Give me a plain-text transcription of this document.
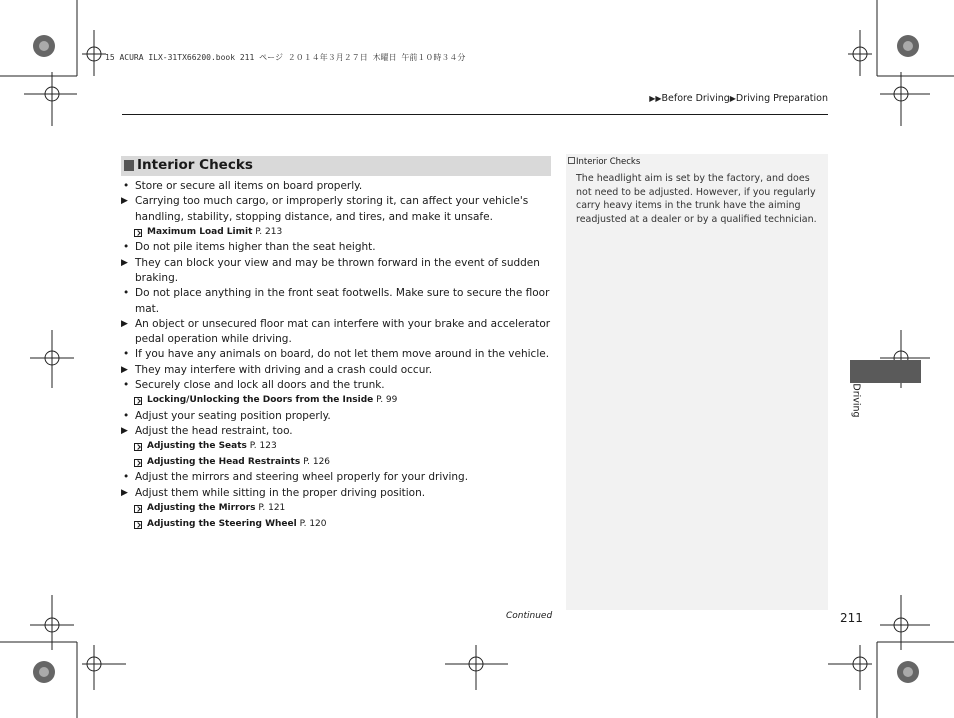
15 ACURA ILX-31TX66200.book 211 ページ ２０１４年３月２７日 木曜日 午前１０時３４分
▶▶Before Driving▶Driving Preparation
Interior Checks
• Store or secure all items on board properly.
▶ Carrying too much cargo, or improperly storing it, can affect your vehicle's handling, stability, stopping distance, and tires, and make it unsafe.
Maximum Load Limit P. 213
• Do not pile items higher than the seat height.
▶ They can block your view and may be thrown forward in the event of sudden braking.
• Do not place anything in the front seat footwells. Make sure to secure the floor mat.
▶ An object or unsecured floor mat can interfere with your brake and accelerator pedal operation while driving.
• If you have any animals on board, do not let them move around in the vehicle.
▶ They may interfere with driving and a crash could occur.
• Securely close and lock all doors and the trunk.
Locking/Unlocking the Doors from the Inside P. 99
• Adjust your seating position properly.
▶ Adjust the head restraint, too.
Adjusting the Seats P. 123
Adjusting the Head Restraints P. 126
• Adjust the mirrors and steering wheel properly for your driving.
▶ Adjust them while sitting in the proper driving position.
Adjusting the Mirrors P. 121
Adjusting the Steering Wheel P. 120
Interior Checks
The headlight aim is set by the factory, and does not need to be adjusted. However, if you regularly carry heavy items in the trunk have the aiming readjusted at a dealer or by a qualified technician.
Continued	211
Driving
